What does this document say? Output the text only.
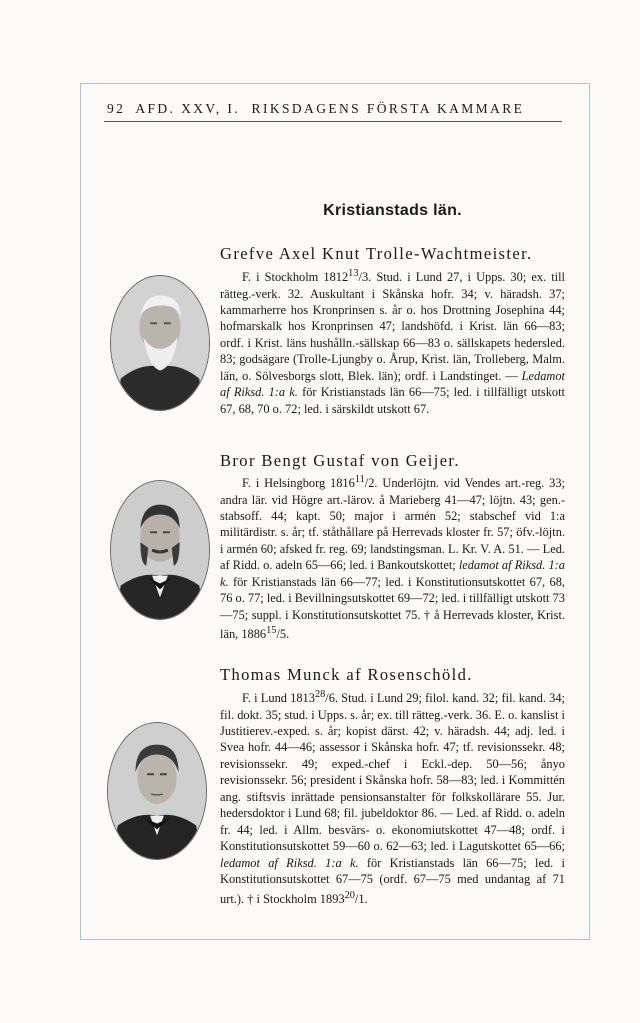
92 AFD. XXV, I.  RIKSDAGENS FÖRSTA KAMMARE
Kristianstads län.
Grefve Axel Knut Trolle-Wachtmeister.

F. i Stockholm 1812$^{13}$/3. Stud. i Lund 27, i Upps. 30; ex. till rätteg.-verk. 32. Auskultant i Skånska hofr. 34; v. häradsh. 37; kammarherre hos Kronprinsen s. år o. hos Drottning Josephina 44; hofmarskalk hos Kronprinsen 47; landshöfd. i Krist. län 66—83; ordf. i Krist. läns hushålln.-sällskap 66—83 o. sällskapets hedersled. 83; godsägare (Trolle-Ljungby o. Årup, Krist. län, Trolleberg, Malm. län, o. Sölvesborgs slott, Blek. län); ordf. i Landstinget. — Ledamot af Riksd. 1:a k. för Kristianstads län 66—75; led. i tillfälligt utskott 67, 68, 70 o. 72; led. i särskildt utskott 67.

Bror Bengt Gustaf von Geijer.

F. i Helsingborg 1816$^{11}$/2. Underlöjtn. vid Vendes art.-reg. 33; andra lär. vid Högre art.-lärov. å Marieberg 41—47; löjtn. 43; gen.-stabsoff. 44; kapt. 50; major i armén 52; stabschef vid 1:a militärdistr. s. år; tf. ståthållare på Herrevads kloster fr. 57; öfv.-löjtn. i armén 60; afsked fr. reg. 69; landstingsman. L. Kr. V. A. 51. — Led. af Ridd. o. adeln 65—66; led. i Bankoutskottet; ledamot af Riksd. 1:a k. för Kristianstads län 66—77; led. i Konstitutionsutskottet 67, 68, 76 o. 77; led. i Bevillningsutskottet 69—72; led. i tillfälligt utskott 73—75; suppl. i Konstitutionsutskottet 75. † å Herrevads kloster, Krist. län, 1886$^{15}$/5.

Thomas Munck af Rosenschöld.

F. i Lund 1813$^{28}$/6. Stud. i Lund 29; filol. kand. 32; fil. kand. 34; fil. dokt. 35; stud. i Upps. s. år; ex. till rätteg.-verk. 36. E. o. kanslist i Justitierev.-exped. s. år; kopist därst. 42; v. häradsh. 44; adj. led. i Svea hofr. 44—46; assessor i Skånska hofr. 47; tf. revisionssekr. 48; revisionssekr. 49; exped.-chef i Eckl.-dep. 50—56; ånyo revisionssekr. 56; president i Skånska hofr. 58—83; led. i Kommittén ang. stiftsvis inrättade pensionsanstalter för folkskollärare 55. Jur. hedersdoktor i Lund 68; fil. jubeldoktor 86. — Led. af Ridd. o. adeln fr. 44; led. i Allm. besvärs- o. ekonomiutskottet 47—48; ordf. i Konstitutionsutskottet 59—60 o. 62—63; led. i Lagutskottet 65—66; ledamot af Riksd. 1:a k. för Kristianstads län 66—75; led. i Konstitutionsutskottet 67—75 (ordf. 67—75 med undantag af 71 urt.). † i Stockholm 1893$^{20}$/1.
